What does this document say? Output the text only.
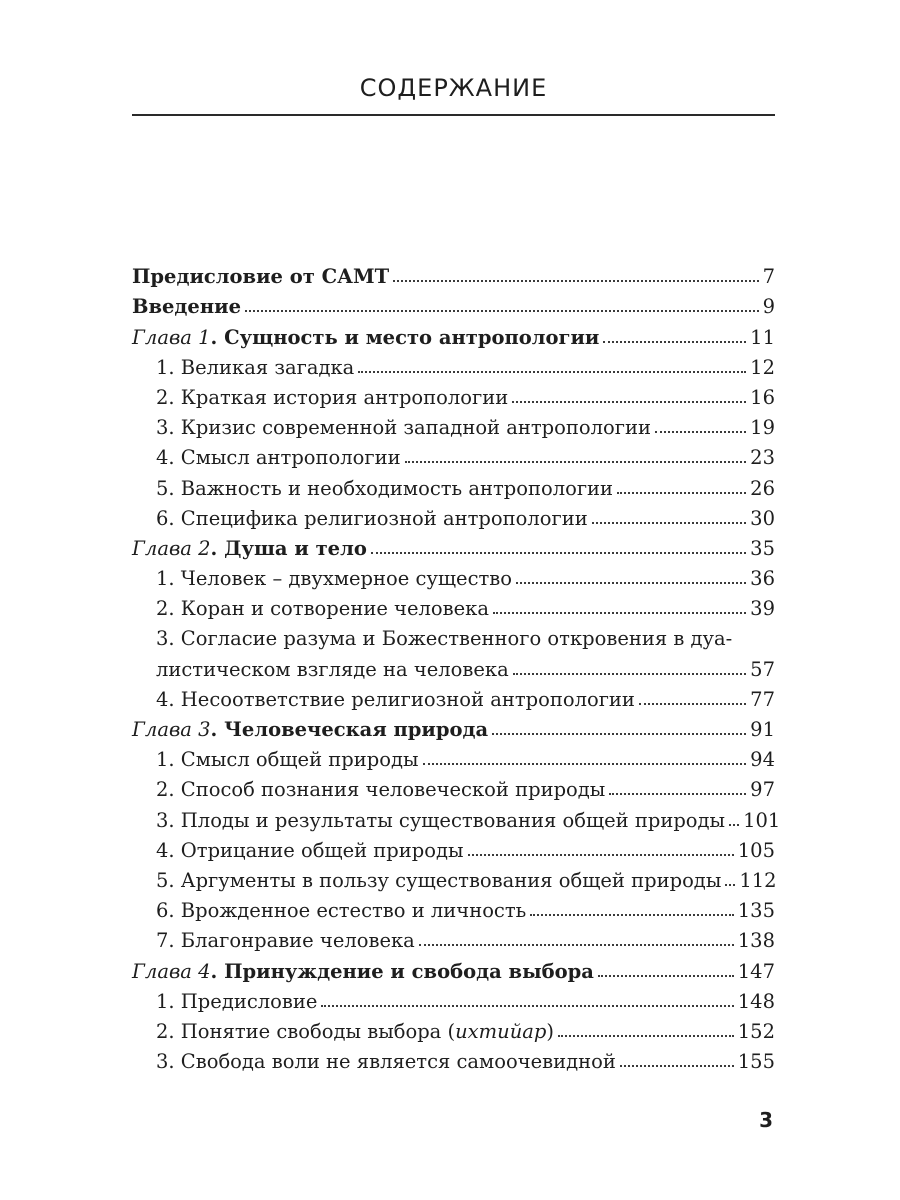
СОДЕРЖАНИЕ
Предисловие от САМТ	7
Введение	9
Глава 1. Сущность и место антропологии	11
1. Великая загадка	12
2. Краткая история антропологии	16
3. Кризис современной западной антропологии	19
4. Смысл антропологии	23
5. Важность и необходимость антропологии	26
6. Специфика религиозной антропологии	30
Глава 2. Душа и тело	35
1. Человек – двухмерное существо	36
2. Коран и сотворение человека	39
3. Согласие разума и Божественного откровения в дуа-
листическом взгляде на человека	57
4. Несоответствие религиозной антропологии	77
Глава 3. Человеческая природа	91
1. Смысл общей природы	94
2. Способ познания человеческой природы	97
3. Плоды и результаты существования общей природы 101
4. Отрицание общей природы	105
5. Аргументы в пользу существования общей природы 112
6. Врожденное естество и личность	135
7. Благонравие человека	138
Глава 4. Принуждение и свобода выбора	147
1. Предисловие	148
2. Понятие свободы выбора (ихтийар)	152
3. Свобода воли не является самоочевидной	155
3
